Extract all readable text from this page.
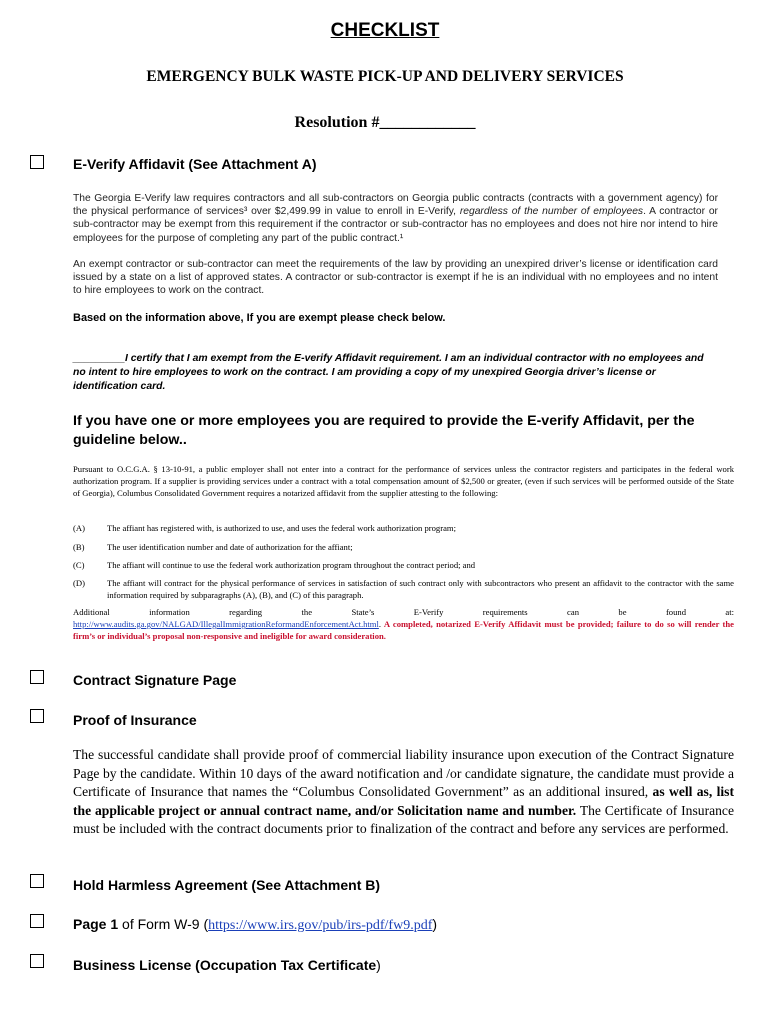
CHECKLIST
EMERGENCY BULK WASTE PICK-UP AND DELIVERY SERVICES
Resolution #____________
E-Verify Affidavit (See Attachment A)
The Georgia E-Verify law requires contractors and all sub-contractors on Georgia public contracts (contracts with a government agency) for the physical performance of services³ over $2,499.99 in value to enroll in E-Verify, regardless of the number of employees. A contractor or sub-contractor may be exempt from this requirement if the contractor or sub-contractor has no employees and does not hire nor intend to hire employees for the purpose of completing any part of the public contract.¹
An exempt contractor or sub-contractor can meet the requirements of the law by providing an unexpired driver’s license or identification card issued by a state on a list of approved states. A contractor or sub-contractor is exempt if he is an individual with no employees and no intent to hire employees to work on the contract.
Based on the information above, If you are exempt please check below.
_________I certify that I am exempt from the E-verify Affidavit requirement. I am an individual contractor with no employees and no intent to hire employees to work on the contract. I am providing a copy of my unexpired Georgia driver’s license or identification card.
If you have one or more employees you are required to provide the E-verify Affidavit, per the guideline below..
Pursuant to O.C.G.A. § 13-10-91, a public employer shall not enter into a contract for the performance of services unless the contractor registers and participates in the federal work authorization program. If a supplier is providing services under a contract with a total compensation amount of $2,500 or greater, (even if such services will be performed outside of the State of Georgia), Columbus Consolidated Government requires a notarized affidavit from the supplier attesting to the following:
(A)	The affiant has registered with, is authorized to use, and uses the federal work authorization program;
(B)	The user identification number and date of authorization for the affiant;
(C)	The affiant will continue to use the federal work authorization program throughout the contract period; and
(D)	The affiant will contract for the physical performance of services in satisfaction of such contract only with subcontractors who present an affidavit to the contractor with the same information required by subparagraphs (A), (B), and (C) of this paragraph.
Additional information regarding the State’s E-Verify requirements can be found at:
http://www.audits.ga.gov/NALGAD/IllegalImmigrationReformandEnforcementAct.html. A completed, notarized E-Verify Affidavit must be provided; failure to do so will render the firm’s or individual’s proposal non-responsive and ineligible for award consideration.
Contract Signature Page
Proof of Insurance
The successful candidate shall provide proof of commercial liability insurance upon execution of the Contract Signature Page by the candidate. Within 10 days of the award notification and /or candidate signature, the candidate must provide a Certificate of Insurance that names the “Columbus Consolidated Government” as an additional insured, as well as, list the applicable project or annual contract name, and/or Solicitation name and number. The Certificate of Insurance must be included with the contract documents prior to finalization of the contract and before any services are performed.
Hold Harmless Agreement (See Attachment B)
Page 1 of Form W-9 (https://www.irs.gov/pub/irs-pdf/fw9.pdf)
Business License (Occupation Tax Certificate)
